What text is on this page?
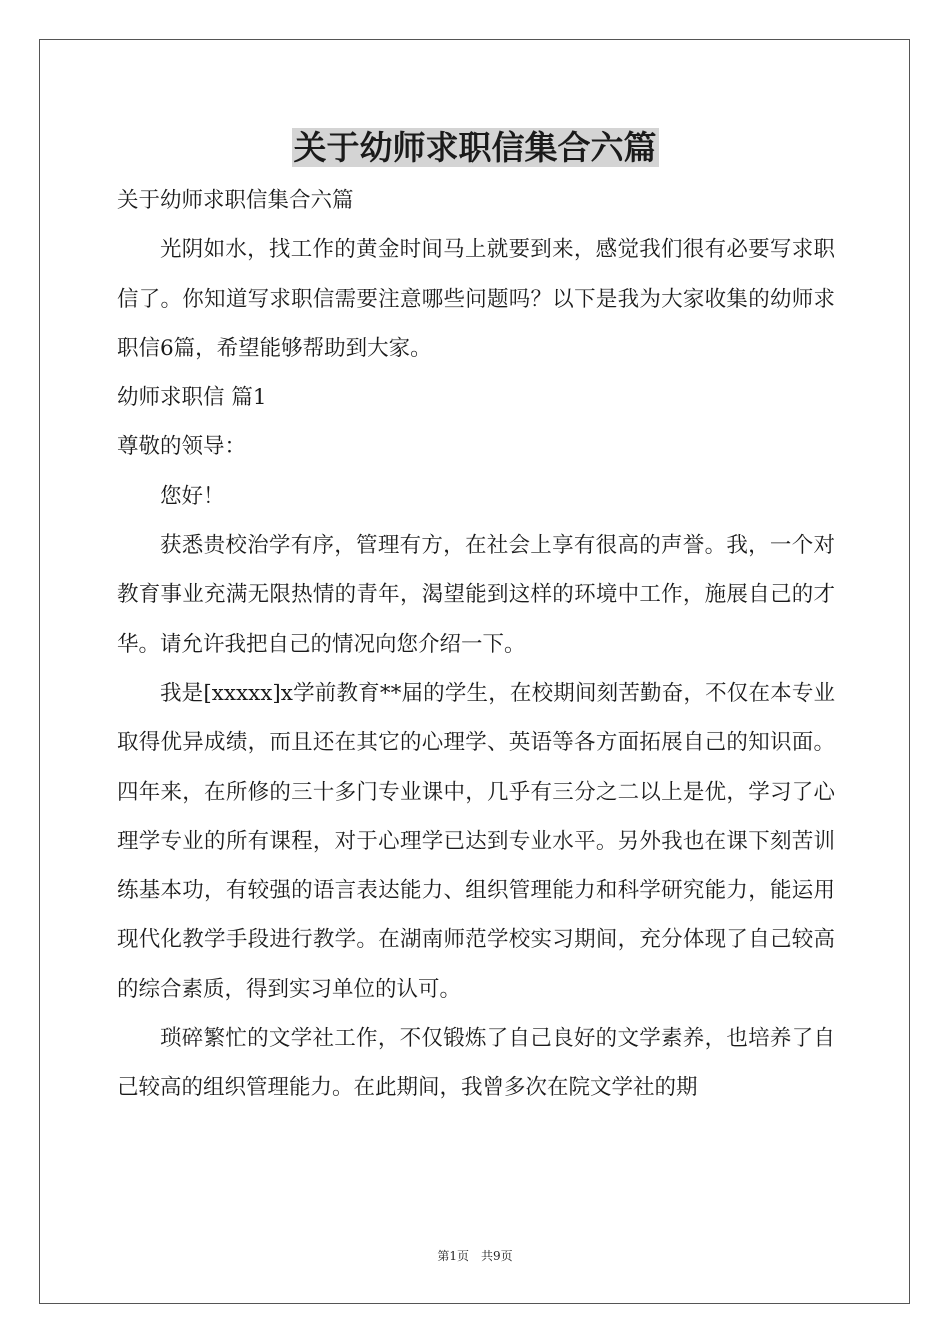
关于幼师求职信集合六篇

关于幼师求职信集合六篇

光阴如水，找工作的黄金时间马上就要到来，感觉我们很有必要写求职信了。你知道写求职信需要注意哪些问题吗？以下是我为大家收集的幼师求职信6篇，希望能够帮助到大家。

幼师求职信 篇1

尊敬的领导：

您好！

获悉贵校治学有序，管理有方，在社会上享有很高的声誉。我，一个对教育事业充满无限热情的青年，渴望能到这样的环境中工作，施展自己的才华。请允许我把自己的情况向您介绍一下。

我是[xxxxx]x学前教育**届的学生，在校期间刻苦勤奋，不仅在本专业取得优异成绩，而且还在其它的心理学、英语等各方面拓展自己的知识面。四年来，在所修的三十多门专业课中，几乎有三分之二以上是优，学习了心理学专业的所有课程，对于心理学已达到专业水平。另外我也在课下刻苦训练基本功，有较强的语言表达能力、组织管理能力和科学研究能力，能运用现代化教学手段进行教学。在湖南师范学校实习期间，充分体现了自己较高的综合素质，得到实习单位的认可。

琐碎繁忙的文学社工作，不仅锻炼了自己良好的文学素养，也培养了自己较高的组织管理能力。在此期间，我曾多次在院文学社的期

第1页 共9页
